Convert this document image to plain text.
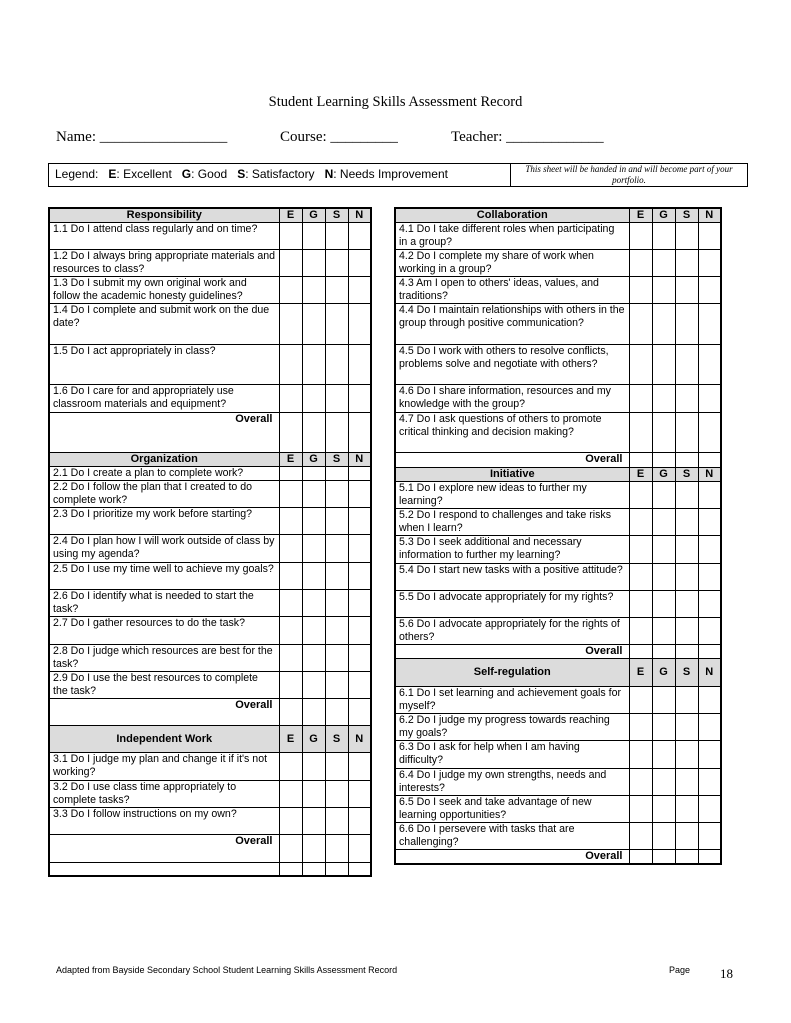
Student Learning Skills Assessment Record
Name: _________________	Course: _________	Teacher: _____________
Legend: E: Excellent G: Good S: Satisfactory N: Needs Improvement	This sheet will be handed in and will become part of your portfolio.
Responsibility	E	G	S	N
1.1 Do I attend class regularly and on time?				
1.2 Do I always bring appropriate materials and resources to class?				
1.3 Do I submit my own original work and follow the academic honesty guidelines?				
1.4 Do I complete and submit work on the due date?				
1.5 Do I act appropriately in class?				
1.6 Do I care for and appropriately use classroom materials and equipment?				
Overall				
Organization	E	G	S	N
2.1 Do I create a plan to complete work?				
2.2 Do I follow the plan that I created to do complete work?				
2.3 Do I prioritize my work before starting?				
2.4 Do I plan how I will work outside of class by using my agenda?				
2.5 Do I use my time well to achieve my goals?				
2.6 Do I identify what is needed to start the task?				
2.7 Do I gather resources to do the task?				
2.8 Do I judge which resources are best for the task?				
2.9 Do I use the best resources to complete the task?				
Overall				
Independent Work	E	G	S	N
3.1 Do I judge my plan and change it if it's not working?				
3.2 Do I use class time appropriately to complete tasks?				
3.3 Do I follow instructions on my own?				
Overall				

Collaboration	E	G	S	N
4.1 Do I take different roles when participating in a group?				
4.2 Do I complete my share of work when working in a group?				
4.3 Am I open to others' ideas, values, and traditions?				
4.4 Do I maintain relationships with others in the group through positive communication?				
4.5 Do I work with others to resolve conflicts, problems solve and negotiate with others?				
4.6 Do I share information, resources and my knowledge with the group?				
4.7 Do I ask questions of others to promote critical thinking and decision making?				
Overall				
Initiative	E	G	S	N
5.1 Do I explore new ideas to further my learning?				
5.2 Do I respond to challenges and take risks when I learn?				
5.3 Do I seek additional and necessary information to further my learning?				
5.4 Do I start new tasks with a positive attitude?				
5.5 Do I advocate appropriately for my rights?				
5.6 Do I advocate appropriately for the rights of others?				
Overall				
Self-regulation	E	G	S	N
6.1 Do I set learning and achievement goals for myself?				
6.2 Do I judge my progress towards reaching my goals?				
6.3 Do I ask for help when I am having difficulty?				
6.4 Do I judge my own strengths, needs and interests?				
6.5 Do I seek and take advantage of new learning opportunities?				
6.6 Do I persevere with tasks that are challenging?				
Overall				
Adapted from Bayside Secondary School Student Learning Skills Assessment Record	Page 18
